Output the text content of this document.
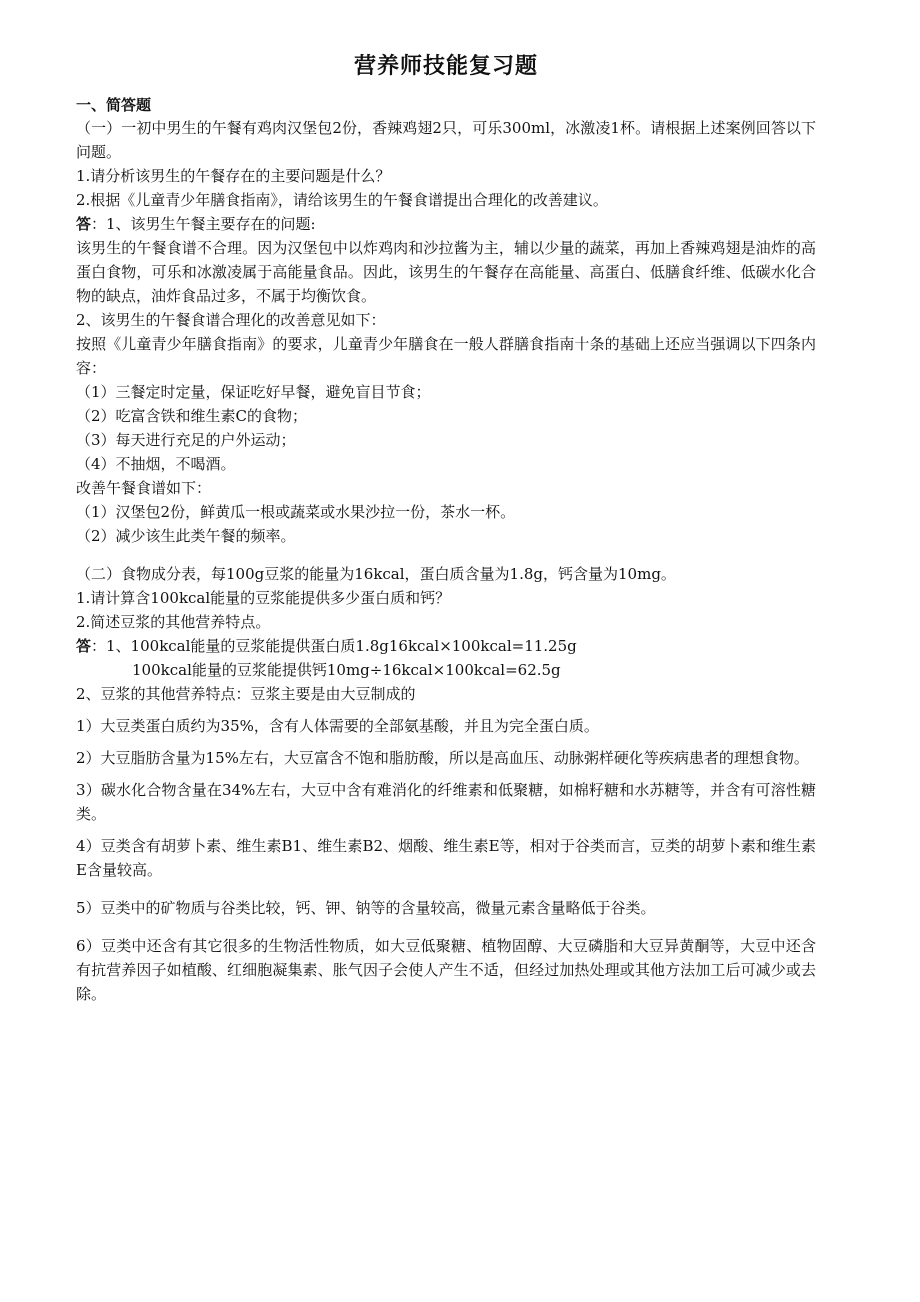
营养师技能复习题
一、简答题

（一）一初中男生的午餐有鸡肉汉堡包2份，香辣鸡翅2只，可乐300ml，冰激凌1杯。请根据上述案例回答以下问题。

1.请分析该男生的午餐存在的主要问题是什么？

2.根据《儿童青少年膳食指南》，请给该男生的午餐食谱提出合理化的改善建议。

答：1、该男生午餐主要存在的问题:

该男生的午餐食谱不合理。因为汉堡包中以炸鸡肉和沙拉酱为主，辅以少量的蔬菜，再加上香辣鸡翅是油炸的高蛋白食物，可乐和冰激凌属于高能量食品。因此，该男生的午餐存在高能量、高蛋白、低膳食纤维、低碳水化合物的缺点，油炸食品过多，不属于均衡饮食。

2、该男生的午餐食谱合理化的改善意见如下：

按照《儿童青少年膳食指南》的要求，儿童青少年膳食在一般人群膳食指南十条的基础上还应当强调以下四条内容：

（1）三餐定时定量，保证吃好早餐，避免盲目节食；

（2）吃富含铁和维生素C的食物；

（3）每天进行充足的户外运动；

（4）不抽烟，不喝酒。

改善午餐食谱如下：

（1）汉堡包2份，鲜黄瓜一根或蔬菜或水果沙拉一份，茶水一杯。

（2）减少该生此类午餐的频率。

（二）食物成分表，每100g豆浆的能量为16kcal，蛋白质含量为1.8g，钙含量为10mg。

1.请计算含100kcal能量的豆浆能提供多少蛋白质和钙？

2.简述豆浆的其他营养特点。

答：1、100kcal能量的豆浆能提供蛋白质1.8g16kcal×100kcal=11.25g

100kcal能量的豆浆能提供钙10mg÷16kcal×100kcal=62.5g

2、豆浆的其他营养特点：豆浆主要是由大豆制成的

1）大豆类蛋白质约为35%，含有人体需要的全部氨基酸，并且为完全蛋白质。

2）大豆脂肪含量为15%左右，大豆富含不饱和脂肪酸，所以是高血压、动脉粥样硬化等疾病患者的理想食物。

3）碳水化合物含量在34%左右，大豆中含有难消化的纤维素和低聚糖，如棉籽糖和水苏糖等，并含有可溶性糖类。

4）豆类含有胡萝卜素、维生素B1、维生素B2、烟酸、维生素E等，相对于谷类而言，豆类的胡萝卜素和维生素E含量较高。

5）豆类中的矿物质与谷类比较，钙、钾、钠等的含量较高，微量元素含量略低于谷类。

6）豆类中还含有其它很多的生物活性物质，如大豆低聚糖、植物固醇、大豆磷脂和大豆异黄酮等，大豆中还含有抗营养因子如植酸、红细胞凝集素、胀气因子会使人产生不适，但经过加热处理或其他方法加工后可减少或去除。
